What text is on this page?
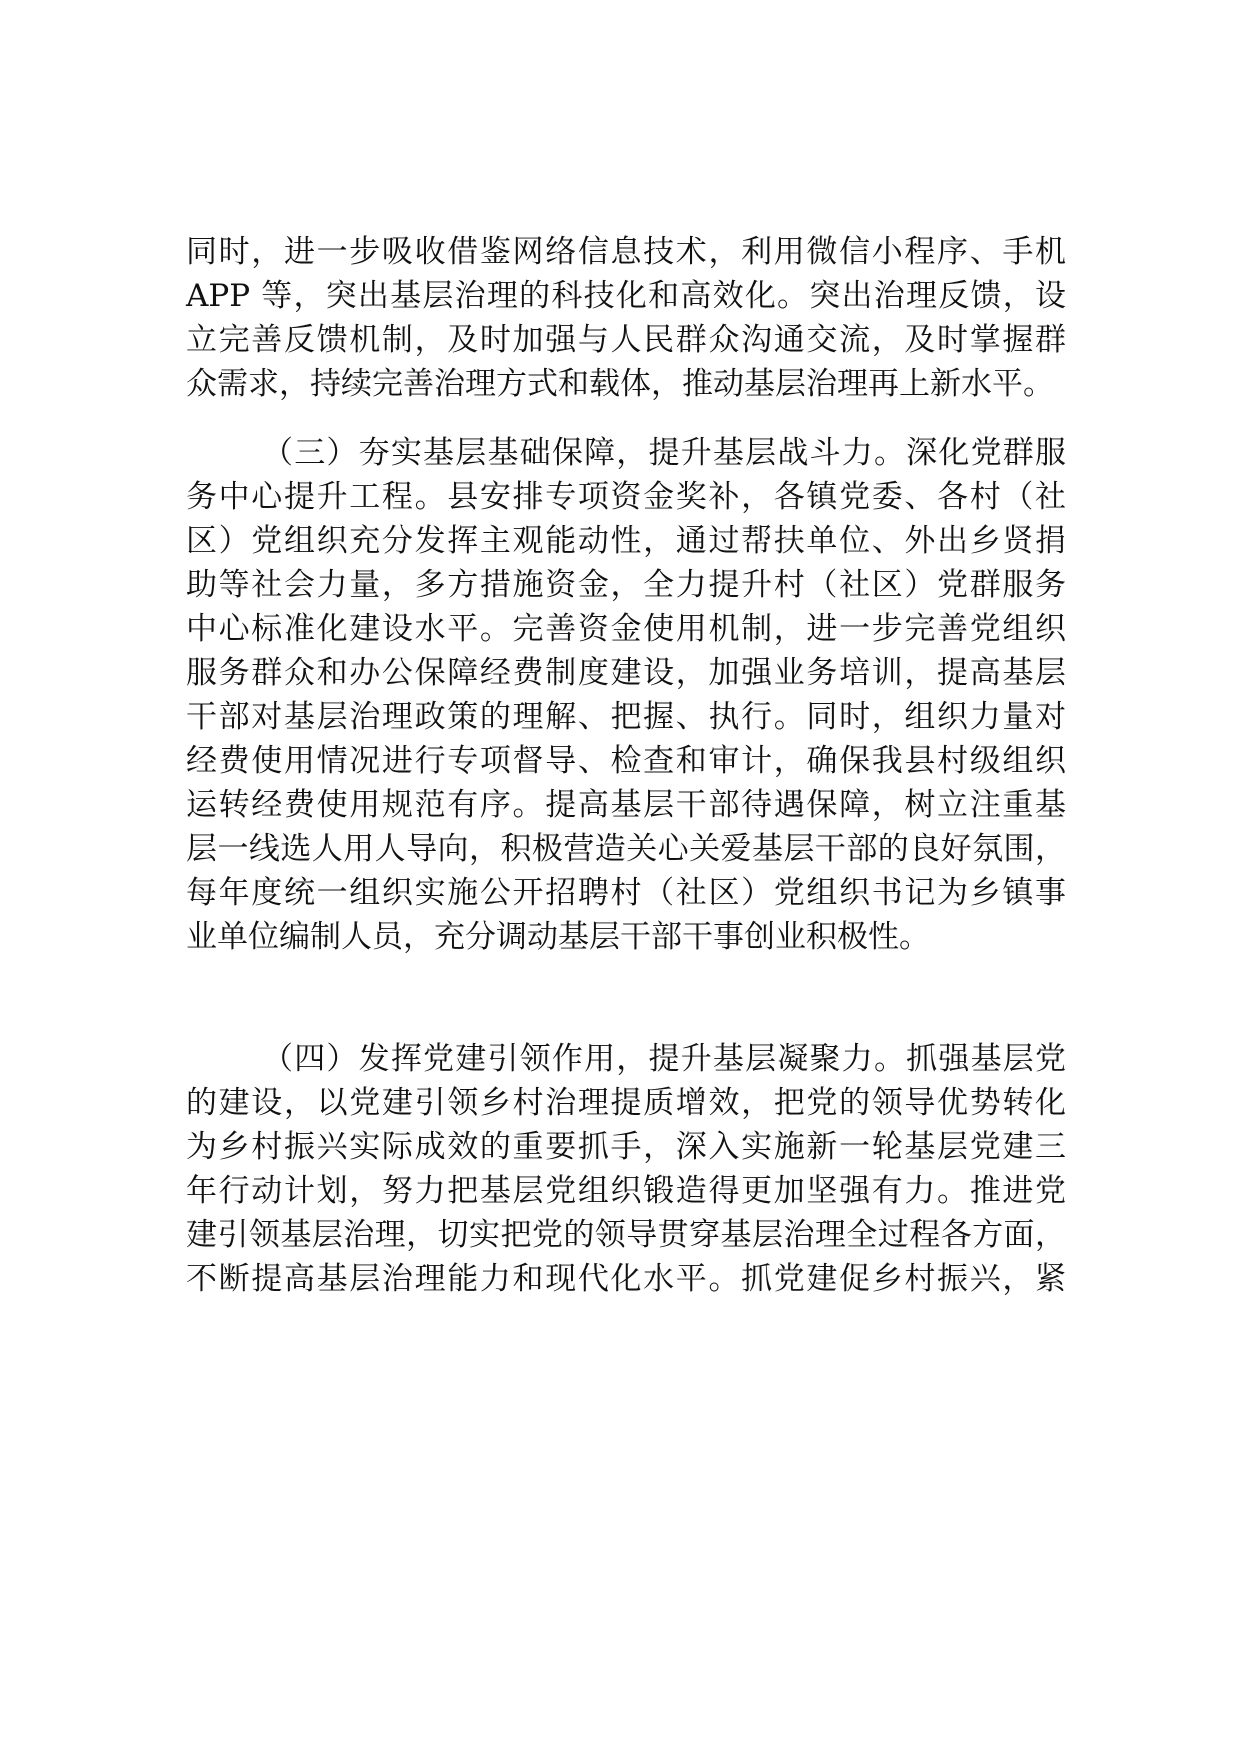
同时，进一步吸收借鉴网络信息技术，利用微信小程序、手机
APP 等，突出基层治理的科技化和高效化。突出治理反馈，设
立完善反馈机制，及时加强与人民群众沟通交流，及时掌握群
众需求，持续完善治理方式和载体，推动基层治理再上新水平。
（三）夯实基层基础保障，提升基层战斗力。深化党群服
务中心提升工程。县安排专项资金奖补，各镇党委、各村（社
区）党组织充分发挥主观能动性，通过帮扶单位、外出乡贤捐
助等社会力量，多方措施资金，全力提升村（社区）党群服务
中心标准化建设水平。完善资金使用机制，进一步完善党组织
服务群众和办公保障经费制度建设，加强业务培训，提高基层
干部对基层治理政策的理解、把握、执行。同时，组织力量对
经费使用情况进行专项督导、检查和审计，确保我县村级组织
运转经费使用规范有序。提高基层干部待遇保障，树立注重基
层一线选人用人导向，积极营造关心关爱基层干部的良好氛围，
每年度统一组织实施公开招聘村（社区）党组织书记为乡镇事
业单位编制人员，充分调动基层干部干事创业积极性。
（四）发挥党建引领作用，提升基层凝聚力。抓强基层党
的建设，以党建引领乡村治理提质增效，把党的领导优势转化
为乡村振兴实际成效的重要抓手，深入实施新一轮基层党建三
年行动计划，努力把基层党组织锻造得更加坚强有力。推进党
建引领基层治理，切实把党的领导贯穿基层治理全过程各方面，
不断提高基层治理能力和现代化水平。抓党建促乡村振兴，紧
